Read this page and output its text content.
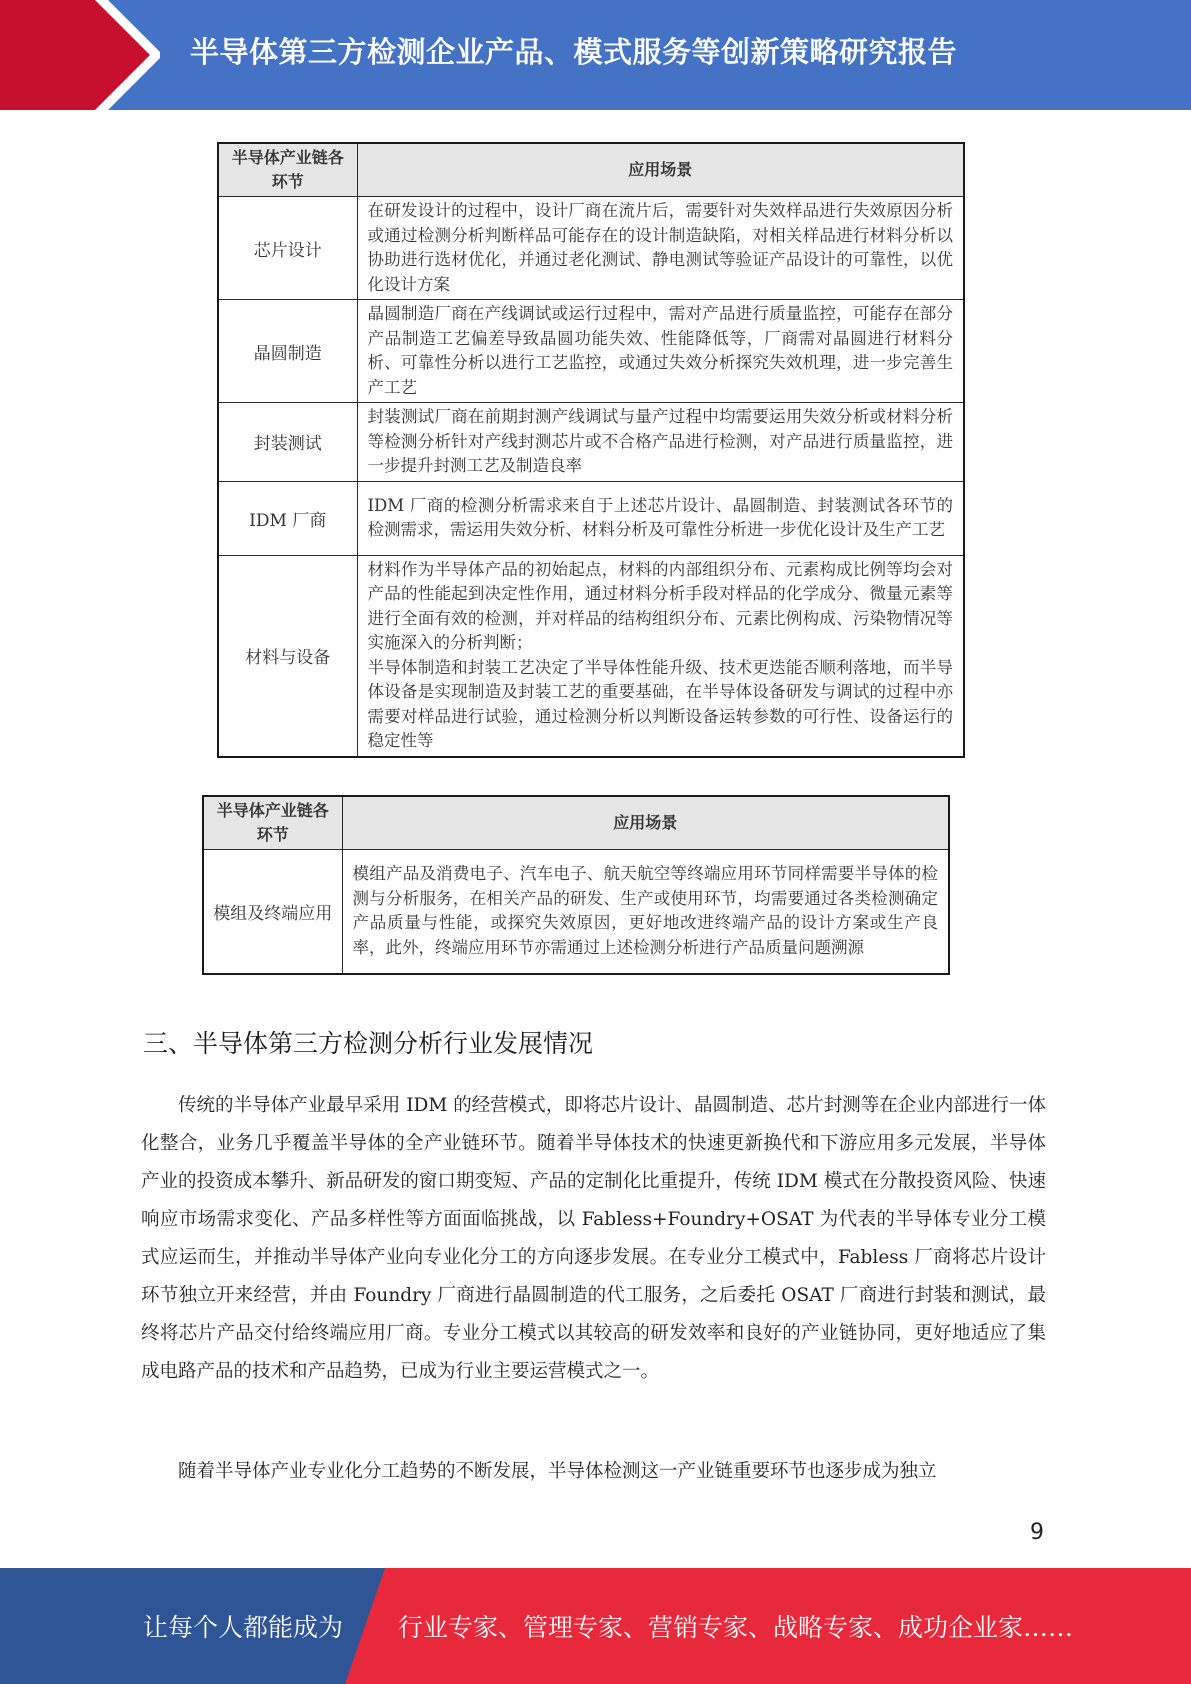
半导体第三方检测企业产品、模式服务等创新策略研究报告
半导体产业链各环节	应用场景
芯片设计	在研发设计的过程中，设计厂商在流片后，需要针对失效样品进行失效原因分析或通过检测分析判断样品可能存在的设计制造缺陷，对相关样品进行材料分析以协助进行选材优化，并通过老化测试、静电测试等验证产品设计的可靠性，以优化设计方案
晶圆制造	晶圆制造厂商在产线调试或运行过程中，需对产品进行质量监控，可能存在部分产品制造工艺偏差导致晶圆功能失效、性能降低等，厂商需对晶圆进行材料分析、可靠性分析以进行工艺监控，或通过失效分析探究失效机理，进一步完善生产工艺
封装测试	封装测试厂商在前期封测产线调试与量产过程中均需要运用失效分析或材料分析等检测分析针对产线封测芯片或不合格产品进行检测，对产品进行质量监控，进一步提升封测工艺及制造良率
IDM 厂商	IDM 厂商的检测分析需求来自于上述芯片设计、晶圆制造、封装测试各环节的检测需求，需运用失效分析、材料分析及可靠性分析进一步优化设计及生产工艺
材料与设备	材料作为半导体产品的初始起点，材料的内部组织分布、元素构成比例等均会对产品的性能起到决定性作用，通过材料分析手段对样品的化学成分、微量元素等进行全面有效的检测，并对样品的结构组织分布、元素比例构成、污染物情况等实施深入的分析判断；
半导体制造和封装工艺决定了半导体性能升级、技术更迭能否顺利落地，而半导体设备是实现制造及封装工艺的重要基础，在半导体设备研发与调试的过程中亦需要对样品进行试验，通过检测分析以判断设备运转参数的可行性、设备运行的稳定性等
半导体产业链各环节	应用场景
模组及终端应用	模组产品及消费电子、汽车电子、航天航空等终端应用环节同样需要半导体的检测与分析服务，在相关产品的研发、生产或使用环节，均需要通过各类检测确定产品质量与性能，或探究失效原因，更好地改进终端产品的设计方案或生产良率，此外，终端应用环节亦需通过上述检测分析进行产品质量问题溯源
三、半导体第三方检测分析行业发展情况

传统的半导体产业最早采用 IDM 的经营模式，即将芯片设计、晶圆制造、芯片封测等在企业内部进行一体化整合，业务几乎覆盖半导体的全产业链环节。随着半导体技术的快速更新换代和下游应用多元发展，半导体产业的投资成本攀升、新品研发的窗口期变短、产品的定制化比重提升，传统 IDM 模式在分散投资风险、快速响应市场需求变化、产品多样性等方面面临挑战，以 Fabless+Foundry+OSAT 为代表的半导体专业分工模式应运而生，并推动半导体产业向专业化分工的方向逐步发展。在专业分工模式中，Fabless 厂商将芯片设计环节独立开来经营，并由 Foundry 厂商进行晶圆制造的代工服务，之后委托 OSAT 厂商进行封装和测试，最终将芯片产品交付给终端应用厂商。专业分工模式以其较高的研发效率和良好的产业链协同，更好地适应了集成电路产品的技术和产品趋势，已成为行业主要运营模式之一。

随着半导体产业专业化分工趋势的不断发展，半导体检测这一产业链重要环节也逐步成为独立

9
让每个人都能成为 行业专家、管理专家、营销专家、战略专家、成功企业家……
